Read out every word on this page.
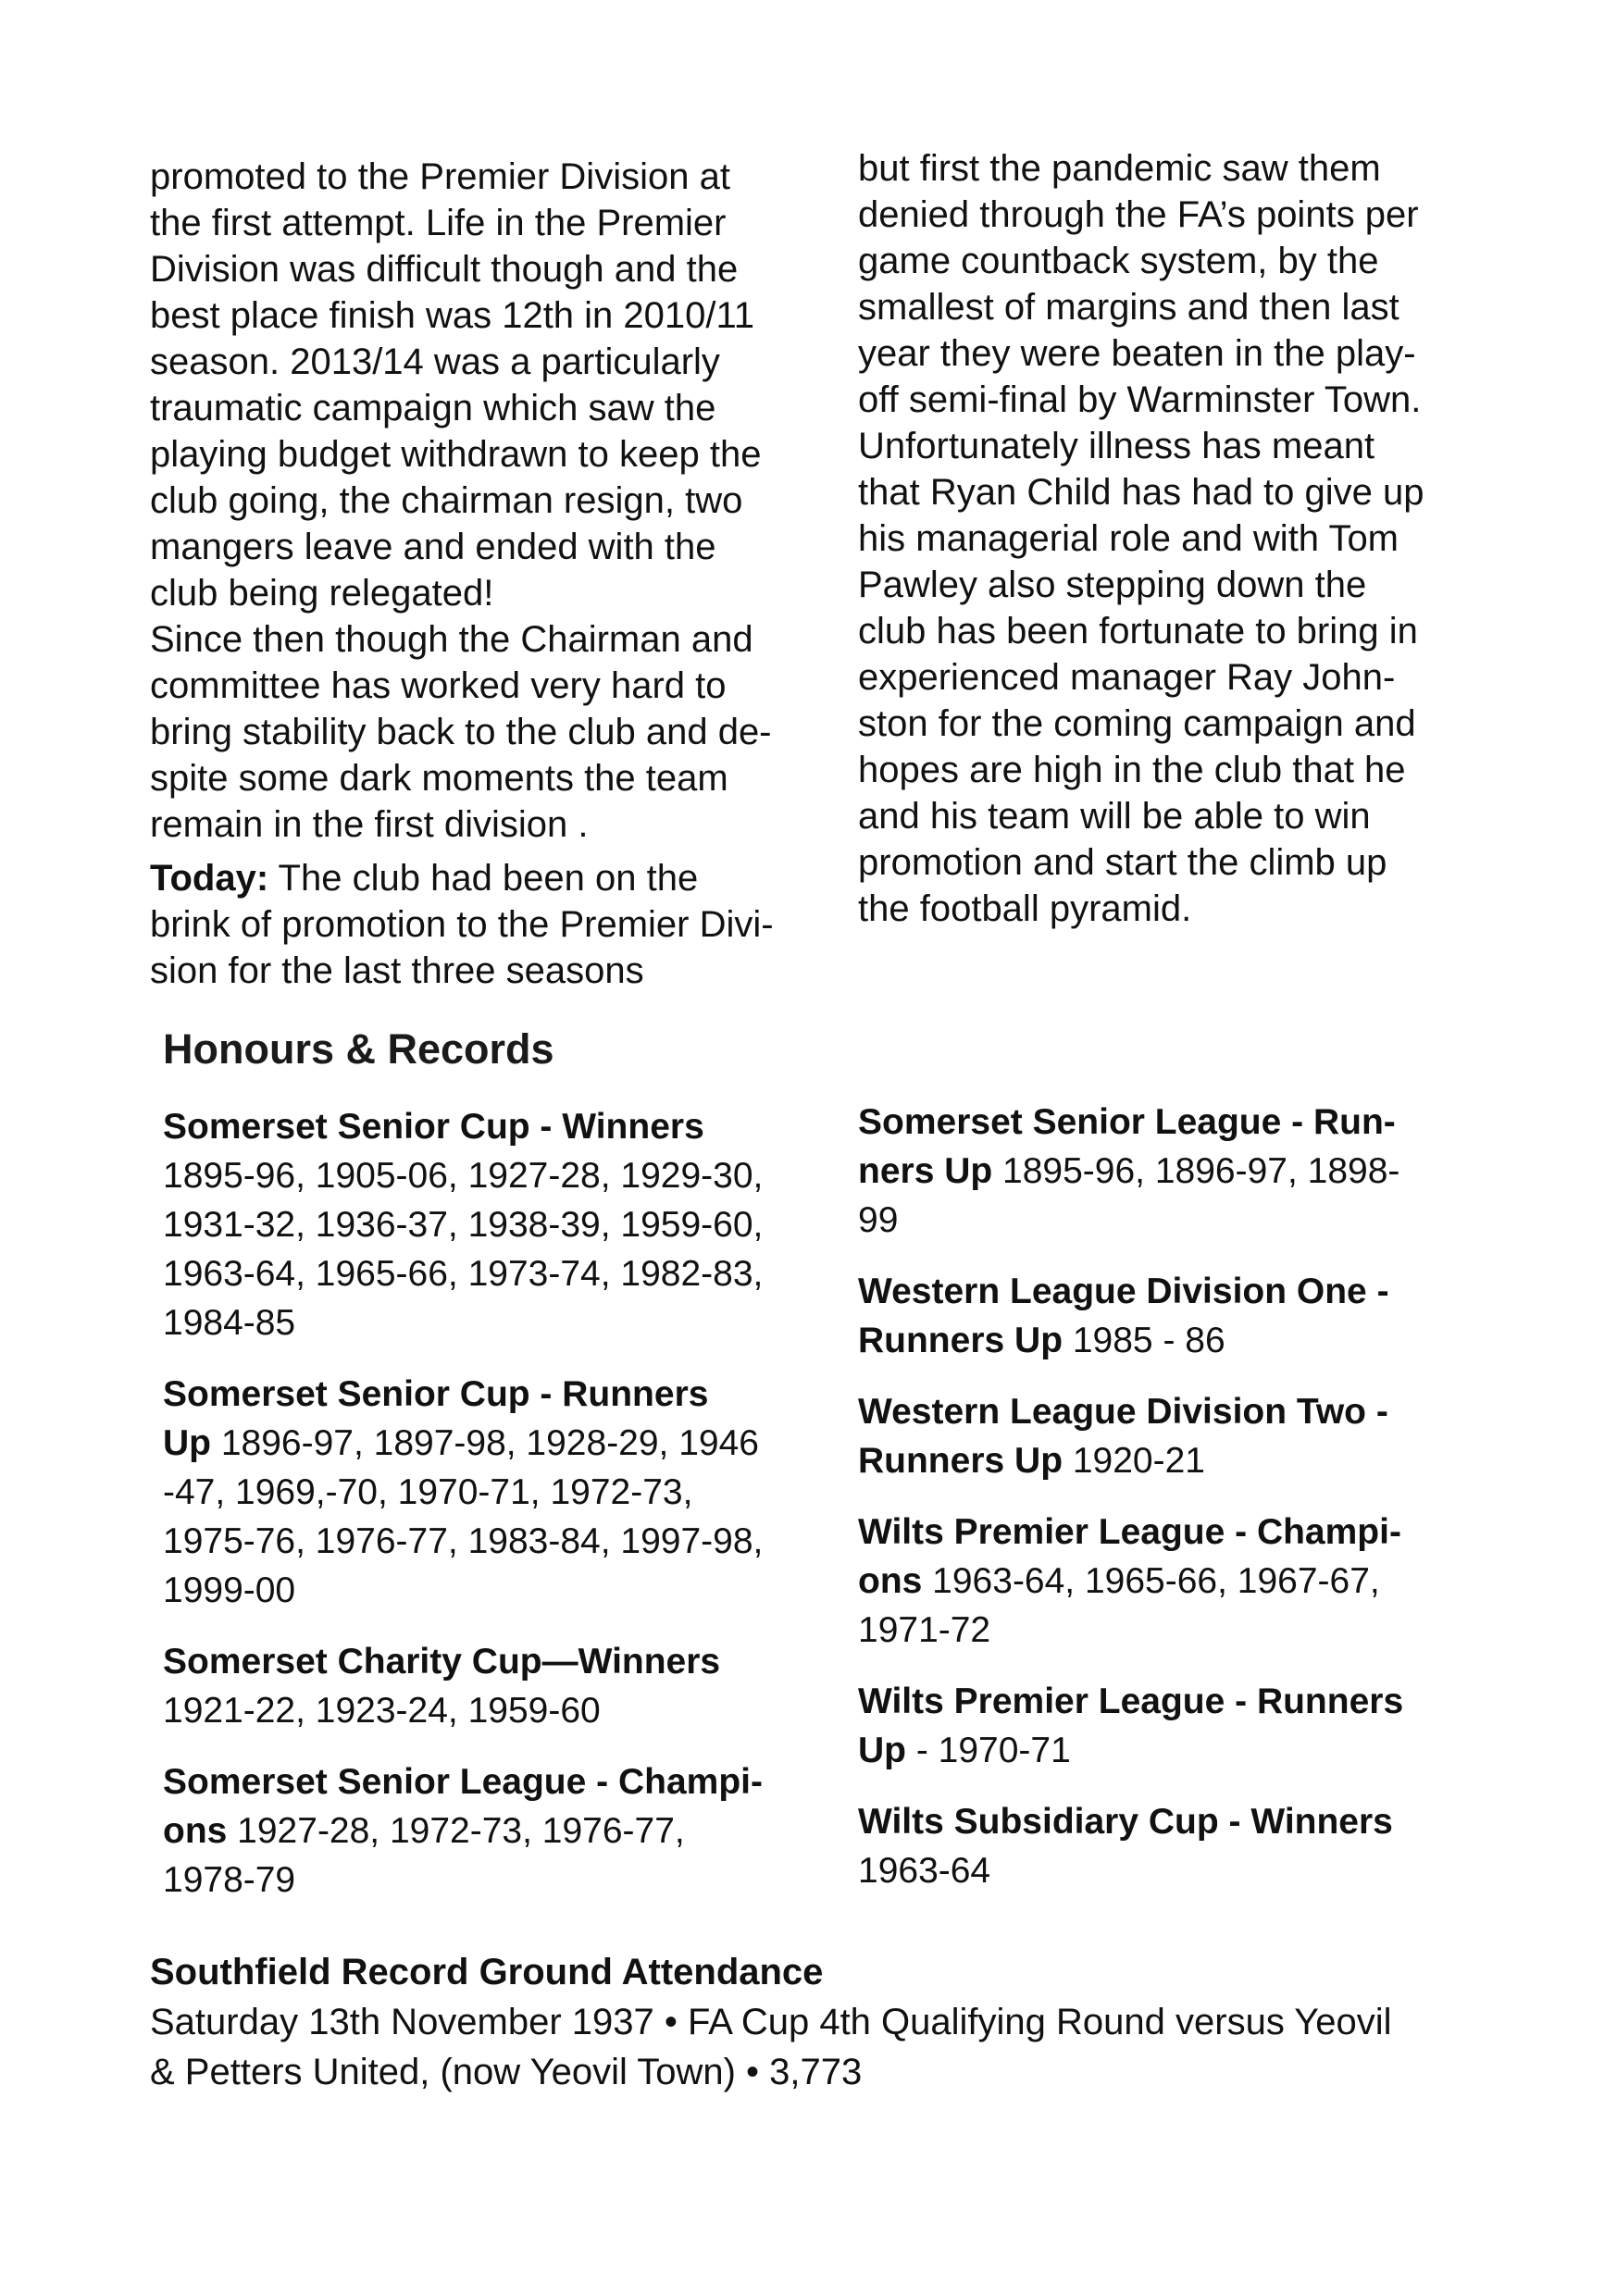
promoted to the Premier Division at
the first attempt. Life in the Premier
Division was difficult though and the
best place finish was 12th in 2010/11
season. 2013/14 was a particularly
traumatic campaign which saw the
playing budget withdrawn to keep the
club going, the chairman resign, two
mangers leave and ended with the
club being relegated!
Since then though the Chairman and
committee has worked very hard to
bring stability back to the club and de-
spite some dark moments the team
remain in the first division .

Today: The club had been on the
brink of promotion to the Premier Divi-
sion for the last three seasons

but first the pandemic saw them
denied through the FA’s points per
game countback system, by the
smallest of margins and then last
year they were beaten in the play-
off semi-final by Warminster Town.
Unfortunately illness has meant
that Ryan Child has had to give up
his managerial role and with Tom
Pawley also stepping down the
club has been fortunate to bring in
experienced manager Ray John-
ston for the coming campaign and
hopes are high in the club that he
and his team will be able to win
promotion and start the climb up
the football pyramid.

Honours & Records
Somerset Senior Cup - Winners
1895-96, 1905-06, 1927-28, 1929-30,
1931-32, 1936-37, 1938-39, 1959-60,
1963-64, 1965-66, 1973-74, 1982-83,
1984-85
Somerset Senior Cup - Runners
Up 1896-97, 1897-98, 1928-29, 1946
-47, 1969,-70, 1970-71, 1972-73,
1975-76, 1976-77, 1983-84, 1997-98,
1999-00
Somerset Charity Cup—Winners
1921-22, 1923-24, 1959-60
Somerset Senior League - Champi-
ons 1927-28, 1972-73, 1976-77,
1978-79
Somerset Senior League - Run-
ners Up 1895-96, 1896-97, 1898-
99
Western League Division One -
Runners Up 1985 - 86
Western League Division Two -
Runners Up 1920-21
Wilts Premier League - Champi-
ons 1963-64, 1965-66, 1967-67,
1971-72
Wilts Premier League - Runners
Up - 1970-71
Wilts Subsidiary Cup - Winners
1963-64
Southfield Record Ground Attendance
Saturday 13th November 1937 • FA Cup 4th Qualifying Round versus Yeovil
& Petters United, (now Yeovil Town) • 3,773
